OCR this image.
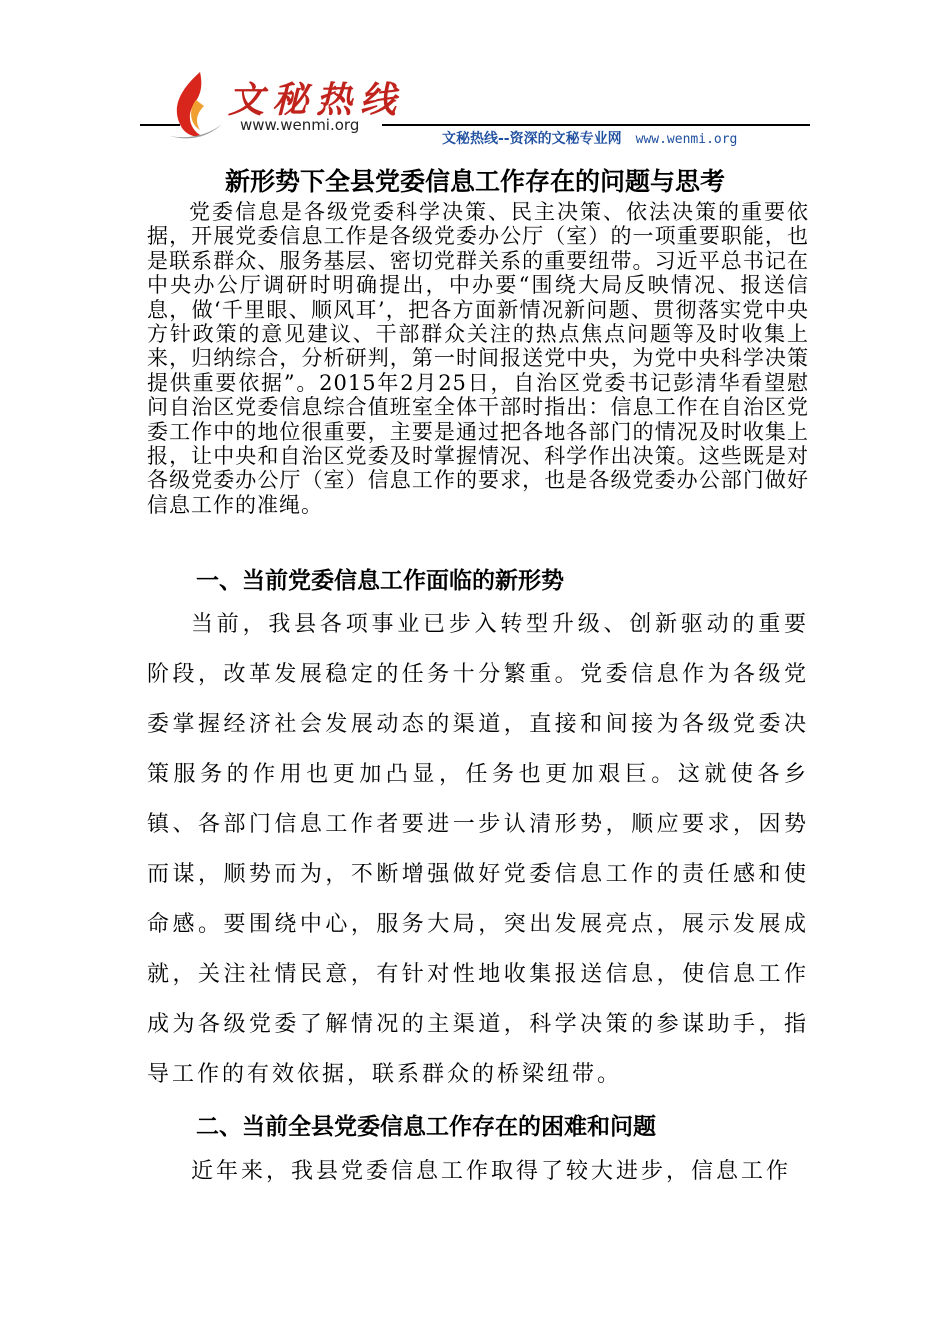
文秘热线
www.wenmi.org
文秘热线--资深的文秘专业网 www.wenmi.org
新形势下全县党委信息工作存在的问题与思考
党委信息是各级党委科学决策、民主决策、依法决策的重要依据，开展党委信息工作是各级党委办公厅（室）的一项重要职能，也是联系群众、服务基层、密切党群关系的重要纽带。习近平总书记在中央办公厅调研时明确提出，中办要“围绕大局反映情况、报送信息，做‘千里眼、顺风耳’，把各方面新情况新问题、贯彻落实党中央方针政策的意见建议、干部群众关注的热点焦点问题等及时收集上来，归纳综合，分析研判，第一时间报送党中央，为党中央科学决策提供重要依据”。2015年2月25日，自治区党委书记彭清华看望慰问自治区党委信息综合值班室全体干部时指出：信息工作在自治区党委工作中的地位很重要，主要是通过把各地各部门的情况及时收集上报，让中央和自治区党委及时掌握情况、科学作出决策。这些既是对各级党委办公厅（室）信息工作的要求，也是各级党委办公部门做好信息工作的准绳。
一、当前党委信息工作面临的新形势
当前，我县各项事业已步入转型升级、创新驱动的重要阶段，改革发展稳定的任务十分繁重。党委信息作为各级党委掌握经济社会发展动态的渠道，直接和间接为各级党委决策服务的作用也更加凸显，任务也更加艰巨。这就使各乡镇、各部门信息工作者要进一步认清形势，顺应要求，因势而谋，顺势而为，不断增强做好党委信息工作的责任感和使命感。要围绕中心，服务大局，突出发展亮点，展示发展成就，关注社情民意，有针对性地收集报送信息，使信息工作成为各级党委了解情况的主渠道，科学决策的参谋助手，指导工作的有效依据，联系群众的桥梁纽带。
二、当前全县党委信息工作存在的困难和问题
近年来，我县党委信息工作取得了较大进步，信息工作
